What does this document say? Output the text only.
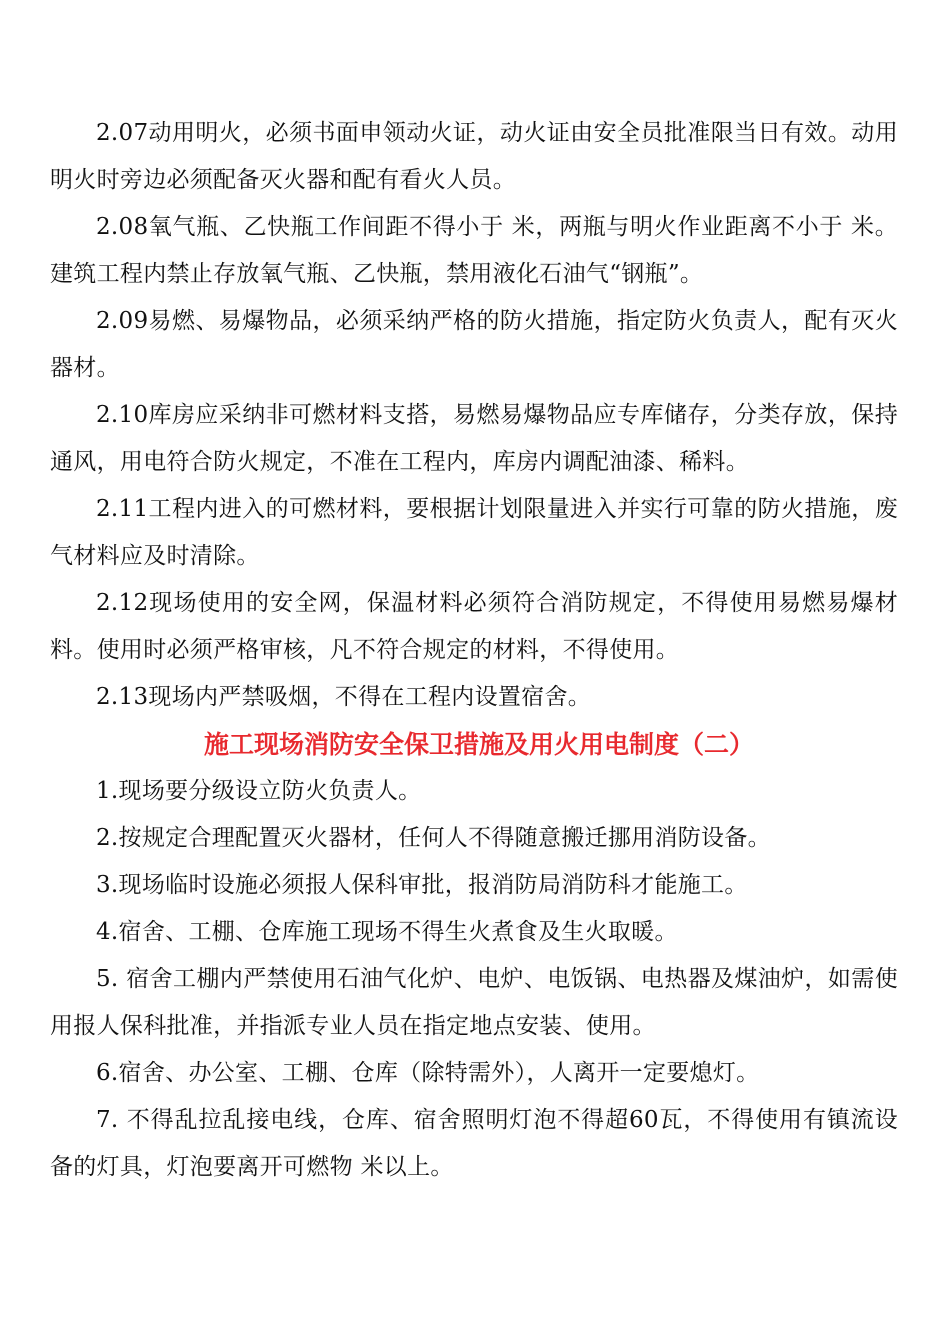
2.07动用明火，必须书面申领动火证，动火证由安全员批准限当日有效。动用明火时旁边必须配备灭火器和配有看火人员。

2.08氧气瓶、乙快瓶工作间距不得小于 米，两瓶与明火作业距离不小于 米。建筑工程内禁止存放氧气瓶、乙快瓶，禁用液化石油气“钢瓶”。

2.09易燃、易爆物品，必须采纳严格的防火措施，指定防火负责人，配有灭火器材。

2.10库房应采纳非可燃材料支搭，易燃易爆物品应专库储存，分类存放，保持通风，用电符合防火规定，不准在工程内，库房内调配油漆、稀料。

2.11工程内进入的可燃材料，要根据计划限量进入并实行可靠的防火措施，废气材料应及时清除。

2.12现场使用的安全网，保温材料必须符合消防规定，不得使用易燃易爆材料。使用时必须严格审核，凡不符合规定的材料，不得使用。

2.13现场内严禁吸烟，不得在工程内设置宿舍。

施工现场消防安全保卫措施及用火用电制度（二）

1.现场要分级设立防火负责人。

2.按规定合理配置灭火器材，任何人不得随意搬迁挪用消防设备。

3.现场临时设施必须报人保科审批，报消防局消防科才能施工。

4.宿舍、工棚、仓库施工现场不得生火煮食及生火取暖。

5. 宿舍工棚内严禁使用石油气化炉、电炉、电饭锅、电热器及煤油炉，如需使用报人保科批准，并指派专业人员在指定地点安装、使用。

6.宿舍、办公室、工棚、仓库（除特需外），人离开一定要熄灯。

7. 不得乱拉乱接电线，仓库、宿舍照明灯泡不得超60瓦，不得使用有镇流设备的灯具，灯泡要离开可燃物 米以上。
